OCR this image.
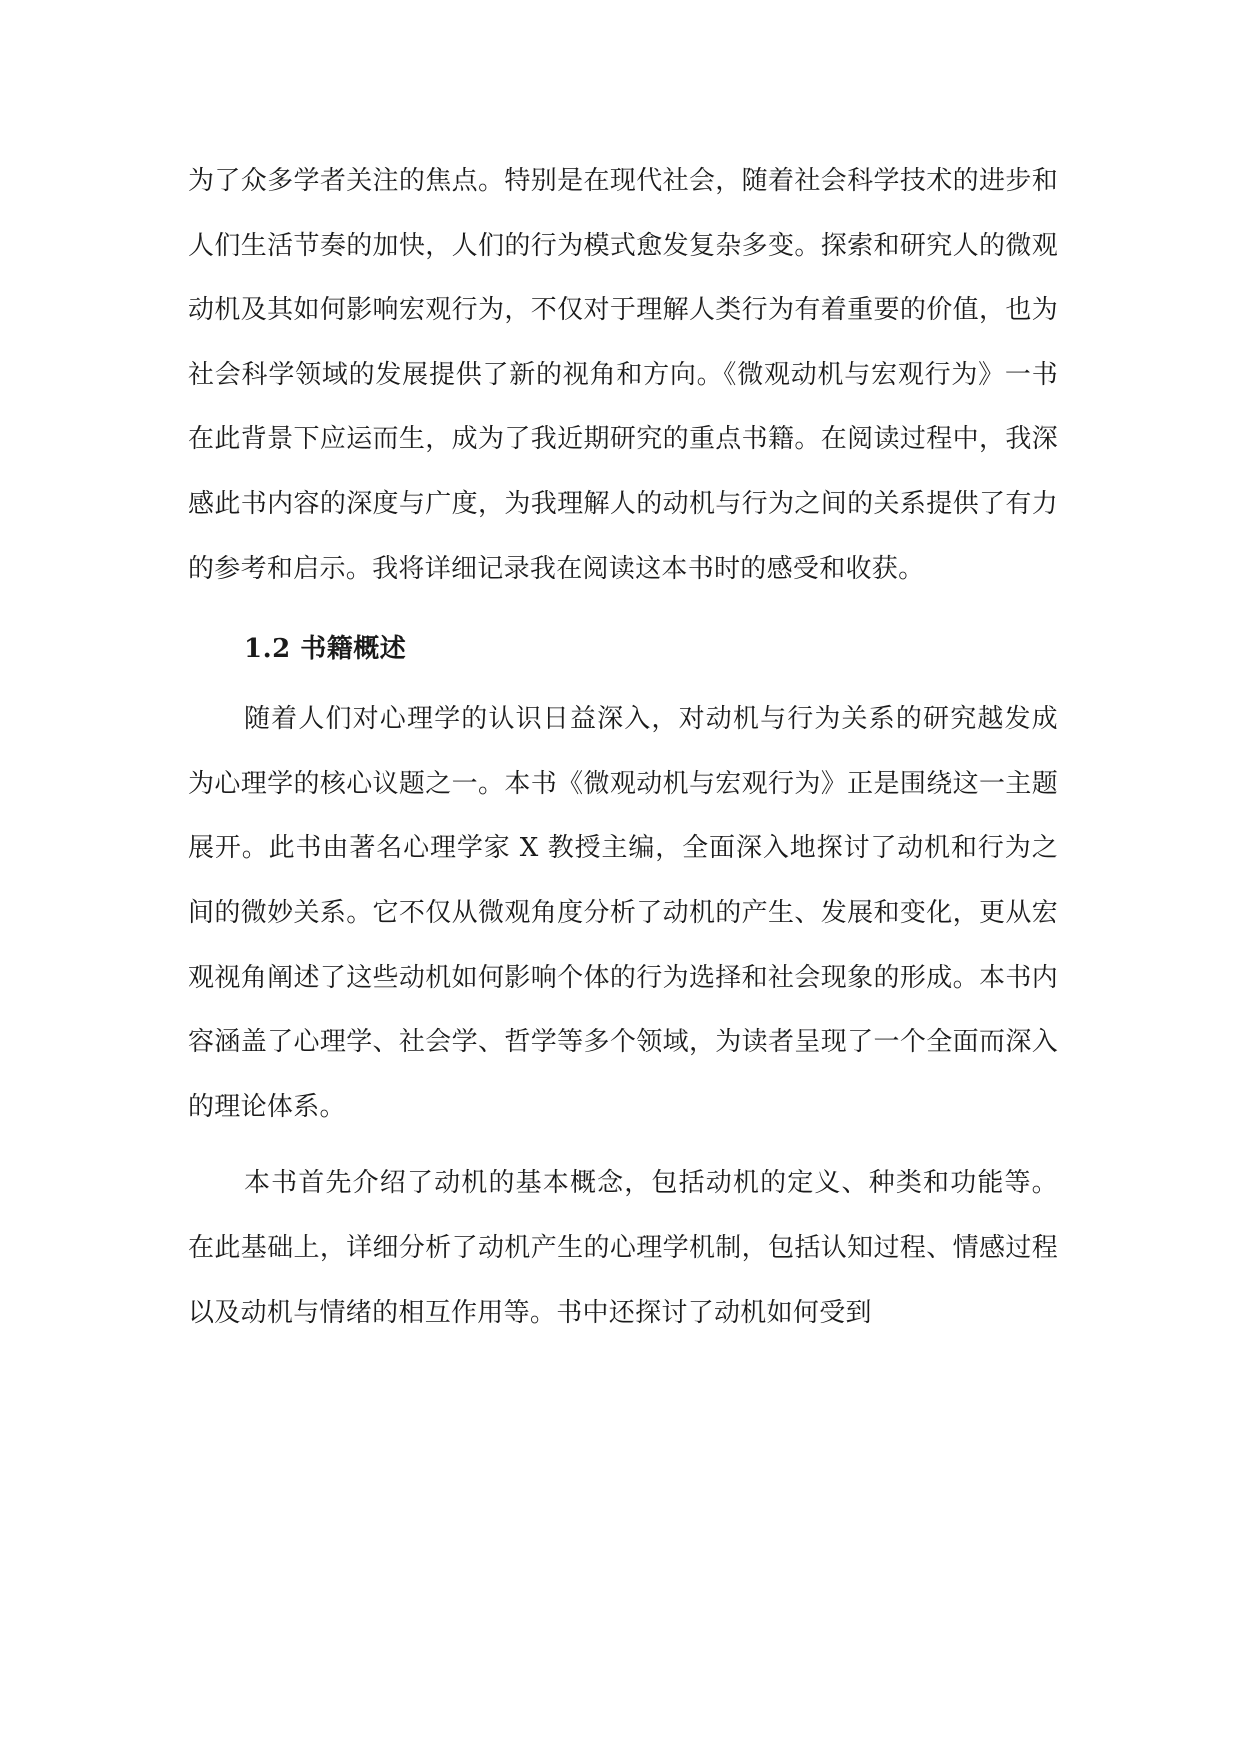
为了众多学者关注的焦点。特别是在现代社会，随着社会科学技术的进步和人们生活节奏的加快，人们的行为模式愈发复杂多变。探索和研究人的微观动机及其如何影响宏观行为，不仅对于理解人类行为有着重要的价值，也为社会科学领域的发展提供了新的视角和方向。《微观动机与宏观行为》一书在此背景下应运而生，成为了我近期研究的重点书籍。在阅读过程中，我深感此书内容的深度与广度，为我理解人的动机与行为之间的关系提供了有力的参考和启示。我将详细记录我在阅读这本书时的感受和收获。

1.2 书籍概述

随着人们对心理学的认识日益深入，对动机与行为关系的研究越发成为心理学的核心议题之一。本书《微观动机与宏观行为》正是围绕这一主题展开。此书由著名心理学家 X 教授主编，全面深入地探讨了动机和行为之间的微妙关系。它不仅从微观角度分析了动机的产生、发展和变化，更从宏观视角阐述了这些动机如何影响个体的行为选择和社会现象的形成。本书内容涵盖了心理学、社会学、哲学等多个领域，为读者呈现了一个全面而深入的理论体系。

本书首先介绍了动机的基本概念，包括动机的定义、种类和功能等。在此基础上，详细分析了动机产生的心理学机制，包括认知过程、情感过程以及动机与情绪的相互作用等。书中还探讨了动机如何受到
